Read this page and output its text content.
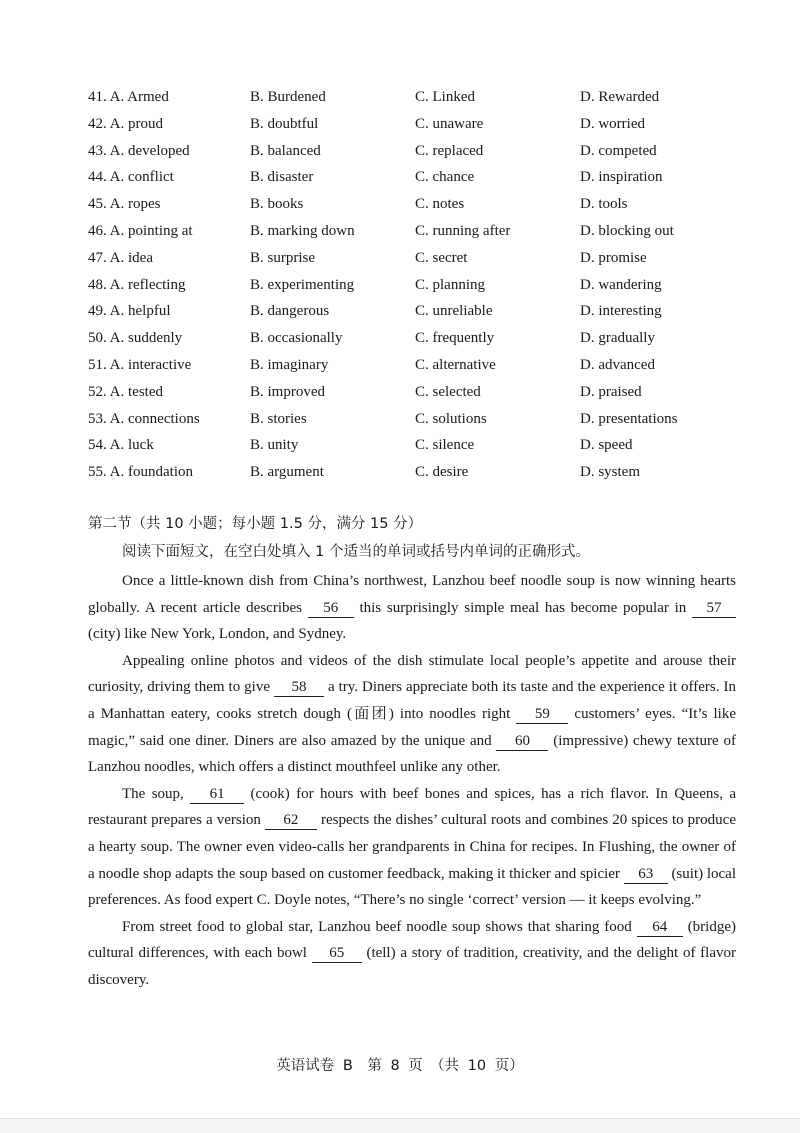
41. A. Armed	B. Burdened	C. Linked	D. Rewarded
42. A. proud	B. doubtful	C. unaware	D. worried
43. A. developed	B. balanced	C. replaced	D. competed
44. A. conflict	B. disaster	C. chance	D. inspiration
45. A. ropes	B. books	C. notes	D. tools
46. A. pointing at	B. marking down	C. running after	D. blocking out
47. A. idea	B. surprise	C. secret	D. promise
48. A. reflecting	B. experimenting	C. planning	D. wandering
49. A. helpful	B. dangerous	C. unreliable	D. interesting
50. A. suddenly	B. occasionally	C. frequently	D. gradually
51. A. interactive	B. imaginary	C. alternative	D. advanced
52. A. tested	B. improved	C. selected	D. praised
53. A. connections	B. stories	C. solutions	D. presentations
54. A. luck	B. unity	C. silence	D. speed
55. A. foundation	B. argument	C. desire	D. system
第二节（共 10 小题；每小题 1.5 分，满分 15 分）
阅读下面短文，在空白处填入 1 个适当的单词或括号内单词的正确形式。

Once a little-known dish from China’s northwest, Lanzhou beef noodle soup is now winning hearts globally. A recent article describes 56 this surprisingly simple meal has become popular in 57 (city) like New York, London, and Sydney.

Appealing online photos and videos of the dish stimulate local people’s appetite and arouse their curiosity, driving them to give 58 a try. Diners appreciate both its taste and the experience it offers. In a Manhattan eatery, cooks stretch dough (面团) into noodles right 59 customers’ eyes. “It’s like magic,” said one diner. Diners are also amazed by the unique and 60 (impressive) chewy texture of Lanzhou noodles, which offers a distinct mouthfeel unlike any other.

The soup, 61 (cook) for hours with beef bones and spices, has a rich flavor. In Queens, a restaurant prepares a version 62 respects the dishes’ cultural roots and combines 20 spices to produce a hearty soup. The owner even video-calls her grandparents in China for recipes. In Flushing, the owner of a noodle shop adapts the soup based on customer feedback, making it thicker and spicier 63 (suit) local preferences. As food expert C. Doyle notes, “There’s no single ‘correct’ version — it keeps evolving.”

From street food to global star, Lanzhou beef noodle soup shows that sharing food 64 (bridge) cultural differences, with each bowl 65 (tell) a story of tradition, creativity, and the delight of flavor discovery.

英语试卷 B　第 8 页　（共 10 页）
